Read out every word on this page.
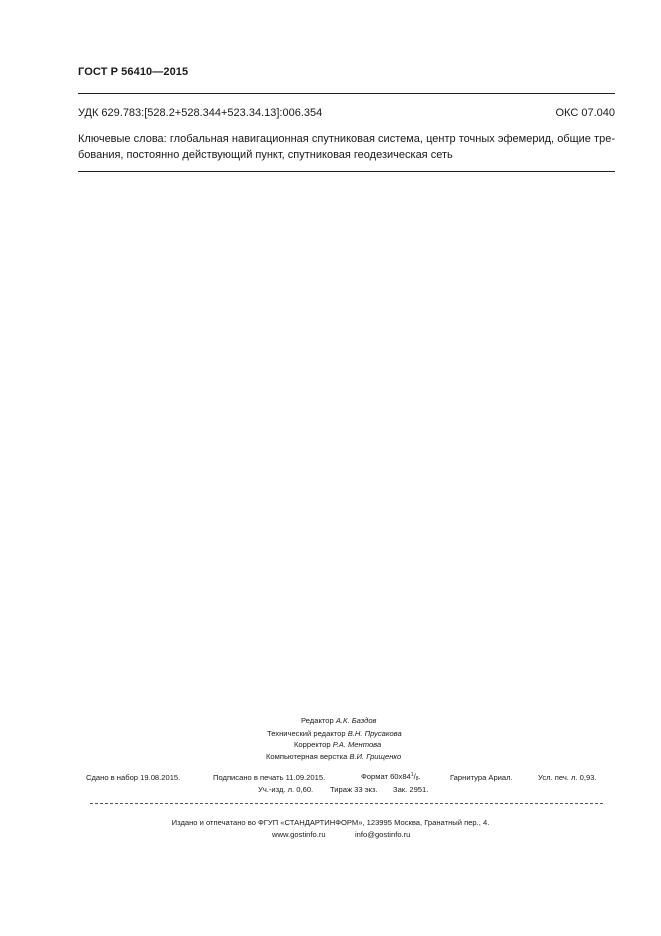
ГОСТ Р 56410—2015
УДК 629.783:[528.2+528.344+523.34.13]:006.354	ОКС 07.040
Ключевые слова: глобальная навигационная спутниковая система, центр точных эфемерид, общие тре-
бования, постоянно действующий пункт, спутниковая геодезическая сеть
Редактор А.К. Баздов
Технический редактор В.Н. Прусакова
Корректор Р.А. Ментова
Компьютерная верстка В.И. Грищенко
Сдано в набор 19.08.2015.	Подписано в печать 11.09.2015.	Формат $60х84^1/_8$.	Гарнитура Ариал.	Усл. печ. л. 0,93.
Уч.-изд. л. 0,60. Тираж 33 экз. Зак. 2951.
Издано и отпечатано во ФГУП «СТАНДАРТИНФОРМ», 123995 Москва, Гранатный пер., 4.
www.gostinfo.ru	info@gostinfo.ru
